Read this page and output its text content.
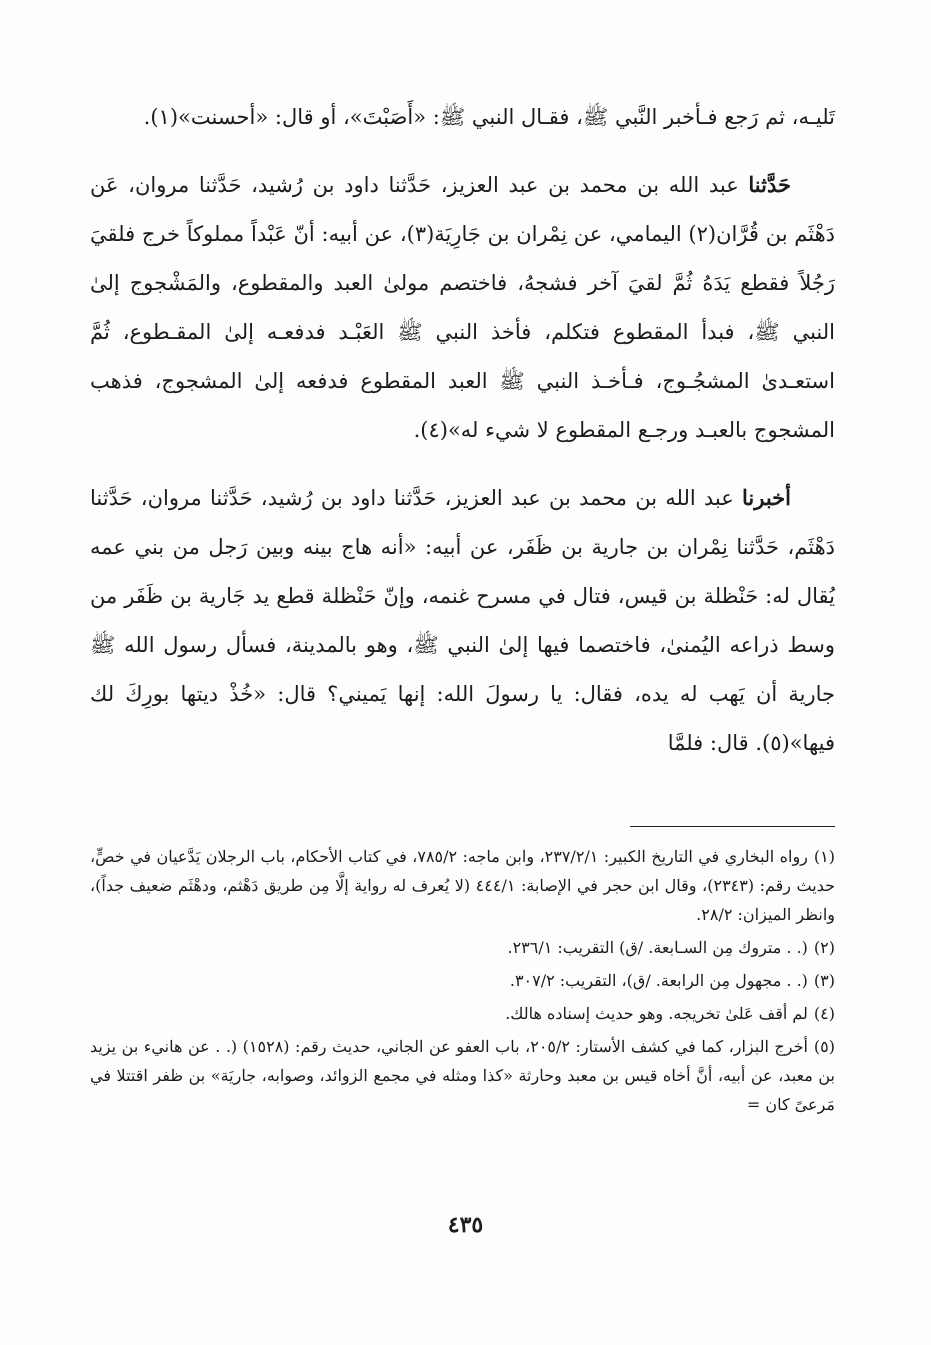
تَليـه، ثم رَجع فـأخبر النَّبي ﷺ، فقـال النبي ﷺ: «أَصَبْتَ»، أو قال: «أحسنت»(١).

حَدَّثنا عبد الله بن محمد بن عبد العزيز، حَدَّثنا داود بن رُشيد، حَدَّثنا مروان، عَن دَهْثَم بن قُرَّان(٢) اليمامي، عن نِمْران بن جَارِيَة(٣)، عن أبيه: أنّ عَبْداً مملوكاً خرج فلقيَ رَجُلاً فقطع يَدَهُ ثُمَّ لقيَ آخر فشجهُ، فاختصم مولىٰ العبد والمقطوع، والمَشْجوج إلىٰ النبي ﷺ، فبدأ المقطوع فتكلم، فأخذ النبي ﷺ العَبْـد فدفعـه إلىٰ المقـطوع، ثُمَّ استعـدىٰ المشجُـوج، فـأخـذ النبي ﷺ العبد المقطوع فدفعه إلىٰ المشجوج، فذهب المشجوج بالعبـد ورجـع المقطوع لا شيء له»(٤).

أخبرنا عبد الله بن محمد بن عبد العزيز، حَدَّثنا داود بن رُشيد، حَدَّثنا مروان، حَدَّثنا دَهْثَم، حَدَّثنا نِمْران بن جارية بن ظَفَر، عن أبيه: «أنه هاج بينه وبين رَجل من بني عمه يُقال له: حَنْظلة بن قيس، فتال في مسرح غنمه، وإنّ حَنْظلة قطع يد جَارية بن ظَفَر من وسط ذراعه اليُمنىٰ، فاختصما فيها إلىٰ النبي ﷺ، وهو بالمدينة، فسأل رسول الله ﷺ جارية أن يَهب له يده، فقال: يا رسولَ الله: إنها يَميني؟ قال: «خُذْ ديتها بورِكَ لك فيها»(٥). قال: فلمَّا

(١)رواه البخاري في التاريخ الكبير: ٢٣٧/٢/١، وابن ماجه: ٧٨٥/٢، في كتاب الأحكام، باب الرجلان يَدَّعيان في خصٍّ، حديث رقم: (٢٣٤٣)، وقال ابن حجر في الإصابة: ٤٤٤/١ (لا يُعرف له رواية إلَّا مِن طريق دَهْثم، ودهْثَم ضعيف جداً)، وانظر الميزان: ٢٨/٢.

(٢)(. . متروك مِن السـابعة. /ق) التقريب: ٢٣٦/١.

(٣)(. . مجهول مِن الرابعة. /ق)، التقريب: ٣٠٧/٢.

(٤)لم أقف عَلىٰ تخريجه. وهو حديث إسناده هالك.

(٥)أخرج البزار، كما في كشف الأستار: ٢٠٥/٢، باب العفو عن الجاني، حديث رقم: (١٥٢٨) (. . عن هانيء بن يزيد بن معبد، عن أبيه، أنَّ أخاه قيس بن معبد وحارثة «كذا ومثله في مجمع الزوائد، وصوابه، جاريَة» بن ظفر اقتتلا في مَرعىً كان =

٤٣٥
